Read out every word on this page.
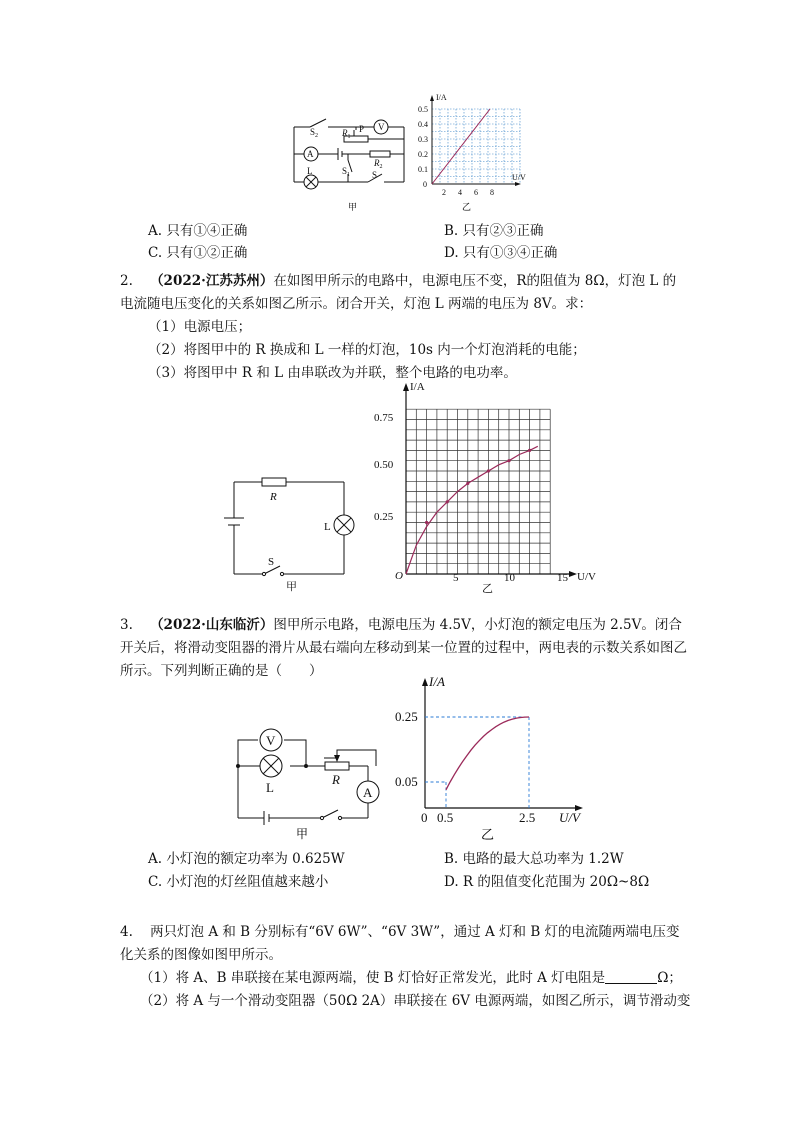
A
V
$S_2$	$R_1$
P
$R_2$
L	$S_1$ S
甲
I/A
U/V
0
0.5
0.4
0.3
0.2
0.1
2 4 6 8
乙
A. 只有①④正确	B. 只有②③正确
C. 只有①②正确	D. 只有①③④正确
2. （2022·江苏苏州）在如图甲所示的电路中，电源电压不变，R的阻值为 8Ω，灯泡 L 的
电流随电压变化的关系如图乙所示。闭合开关，灯泡 L 两端的电压为 8V。求：
（1）电源电压；
（2）将图甲中的 R 换成和 L 一样的灯泡，10s 内一个灯泡消耗的电能；
（3）将图甲中 R 和 L 由串联改为并联，整个电路的电功率。
R
L
S
甲
I/A
U/V
O
0.75
0.50
0.25
5	10	15
乙
3. （2022·山东临沂）图甲所示电路，电源电压为 4.5V，小灯泡的额定电压为 2.5V。闭合
开关后，将滑动变阻器的滑片从最右端向左移动到某一位置的过程中，两电表的示数关系如图乙
所示。下列判断正确的是（　　）
V
L
R
A
甲
I/A
U/V
0
0.25
0.05
0.5	2.5
乙
A. 小灯泡的额定功率为 0.625W	B. 电路的最大总功率为 1.2W
C. 小灯泡的灯丝阻值越来越小	D. R 的阻值变化范围为 20Ω~8Ω
4. 两只灯泡 A 和 B 分别标有“6V 6W”、“6V 3W”，通过 A 灯和 B 灯的电流随两端电压变
化关系的图像如图甲所示。
（1）将 A、B 串联接在某电源两端，使 B 灯恰好正常发光，此时 A 灯电阻是	Ω；
（2）将 A 与一个滑动变阻器（50Ω 2A）串联接在 6V 电源两端，如图乙所示，调节滑动变
